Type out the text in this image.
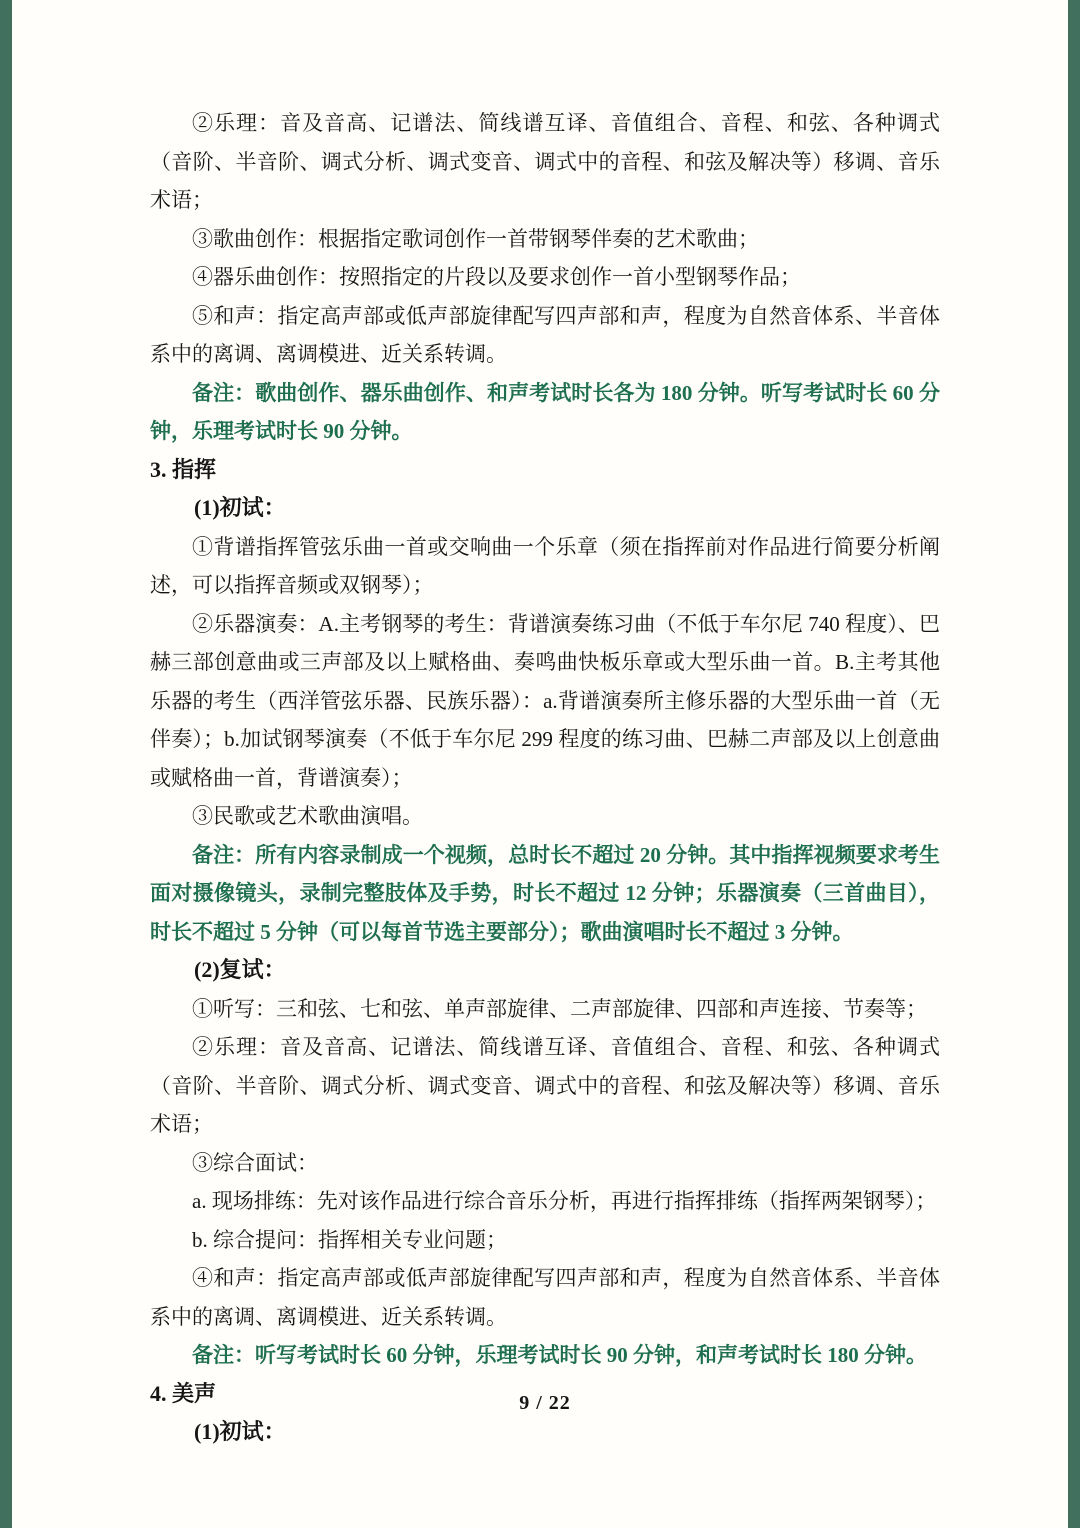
②乐理：音及音高、记谱法、简线谱互译、音值组合、音程、和弦、各种调式（音阶、半音阶、调式分析、调式变音、调式中的音程、和弦及解决等）移调、音乐术语；

③歌曲创作：根据指定歌词创作一首带钢琴伴奏的艺术歌曲；

④器乐曲创作：按照指定的片段以及要求创作一首小型钢琴作品；

⑤和声：指定高声部或低声部旋律配写四声部和声，程度为自然音体系、半音体系中的离调、离调模进、近关系转调。

备注：歌曲创作、器乐曲创作、和声考试时长各为 180 分钟。听写考试时长 60 分钟，乐理考试时长 90 分钟。

3. 指挥

(1)初试：

①背谱指挥管弦乐曲一首或交响曲一个乐章（须在指挥前对作品进行简要分析阐述，可以指挥音频或双钢琴）；

②乐器演奏：A.主考钢琴的考生：背谱演奏练习曲（不低于车尔尼 740 程度）、巴赫三部创意曲或三声部及以上赋格曲、奏鸣曲快板乐章或大型乐曲一首。B.主考其他乐器的考生（西洋管弦乐器、民族乐器）：a.背谱演奏所主修乐器的大型乐曲一首（无伴奏）；b.加试钢琴演奏（不低于车尔尼 299 程度的练习曲、巴赫二声部及以上创意曲或赋格曲一首，背谱演奏）；

③民歌或艺术歌曲演唱。

备注：所有内容录制成一个视频，总时长不超过 20 分钟。其中指挥视频要求考生面对摄像镜头，录制完整肢体及手势，时长不超过 12 分钟；乐器演奏（三首曲目），时长不超过 5 分钟（可以每首节选主要部分）；歌曲演唱时长不超过 3 分钟。

(2)复试：

①听写：三和弦、七和弦、单声部旋律、二声部旋律、四部和声连接、节奏等；

②乐理：音及音高、记谱法、简线谱互译、音值组合、音程、和弦、各种调式（音阶、半音阶、调式分析、调式变音、调式中的音程、和弦及解决等）移调、音乐术语；

③综合面试：

a. 现场排练：先对该作品进行综合音乐分析，再进行指挥排练（指挥两架钢琴）；

b. 综合提问：指挥相关专业问题；

④和声：指定高声部或低声部旋律配写四声部和声，程度为自然音体系、半音体系中的离调、离调模进、近关系转调。

备注：听写考试时长 60 分钟，乐理考试时长 90 分钟，和声考试时长 180 分钟。

4. 美声

(1)初试：

9 / 22
